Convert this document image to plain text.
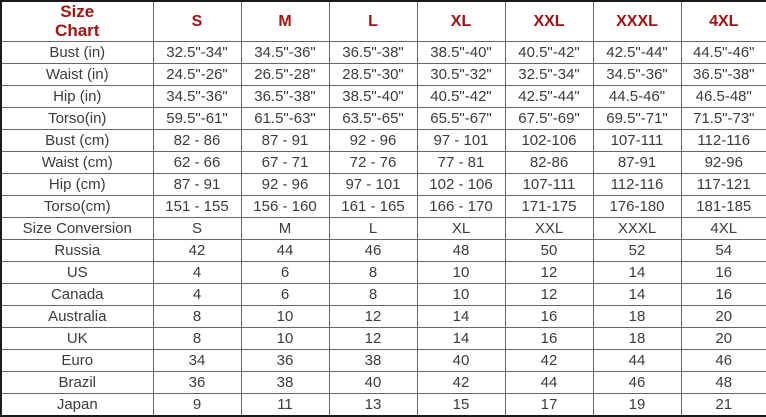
Size
Chart	S	M	L	XL	XXL	XXXL	4XL
Bust (in)	32.5"-34"	34.5"-36"	36.5"-38"	38.5"-40"	40.5"-42"	42.5"-44"	44.5"-46"
Waist (in)	24.5"-26"	26.5"-28"	28.5"-30"	30.5"-32"	32.5"-34"	34.5"-36"	36.5"-38"
Hip (in)	34.5"-36"	36.5"-38"	38.5"-40"	40.5"-42"	42.5"-44"	44.5-46"	46.5-48"
Torso(in)	59.5"-61"	61.5"-63"	63.5"-65"	65.5"-67"	67.5"-69"	69.5"-71"	71.5"-73"
Bust (cm)	82 - 86	87 - 91	92 - 96	97 - 101	102-106	107-111	112-116
Waist (cm)	62 - 66	67 - 71	72 - 76	77 - 81	82-86	87-91	92-96
Hip (cm)	87 - 91	92 - 96	97 - 101	102 - 106	107-111	112-116	117-121
Torso(cm)	151 - 155	156 - 160	161 - 165	166 - 170	171-175	176-180	181-185
Size Conversion	S	M	L	XL	XXL	XXXL	4XL
Russia	42	44	46	48	50	52	54
US	4	6	8	10	12	14	16
Canada	4	6	8	10	12	14	16
Australia	8	10	12	14	16	18	20
UK	8	10	12	14	16	18	20
Euro	34	36	38	40	42	44	46
Brazil	36	38	40	42	44	46	48
Japan	9	11	13	15	17	19	21
